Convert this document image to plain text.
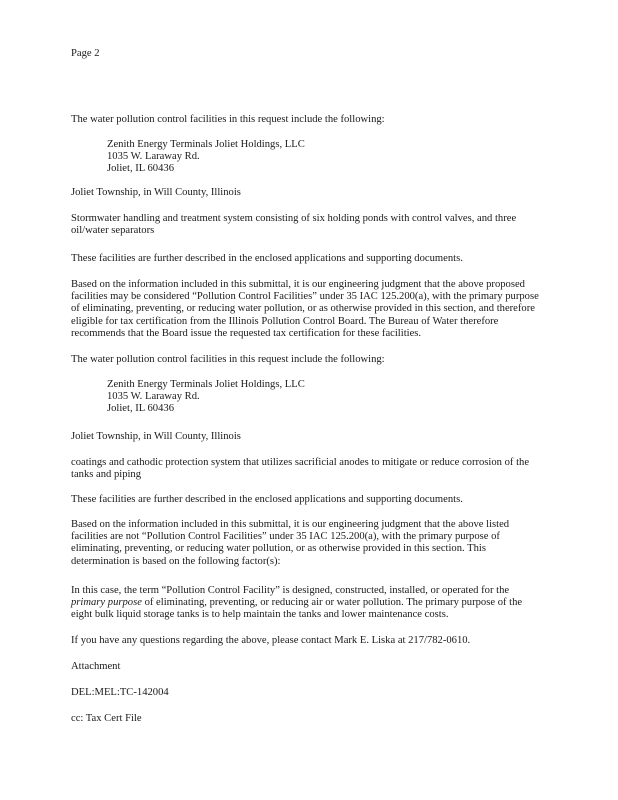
Page 2

The water pollution control facilities in this request include the following:

Zenith Energy Terminals Joliet Holdings, LLC

1035 W. Laraway Rd.

Joliet, IL 60436

Joliet Township, in Will County, Illinois

Stormwater handling and treatment system consisting of six holding ponds with control valves, and three oil/water separators

These facilities are further described in the enclosed applications and supporting documents.

Based on the information included in this submittal, it is our engineering judgment that the above proposed facilities may be considered “Pollution Control Facilities” under 35 IAC 125.200(a), with the primary purpose of eliminating, preventing, or reducing water pollution, or as otherwise provided in this section, and therefore eligible for tax certification from the Illinois Pollution Control Board. The Bureau of Water therefore recommends that the Board issue the requested tax certification for these facilities.

The water pollution control facilities in this request include the following:

Zenith Energy Terminals Joliet Holdings, LLC

1035 W. Laraway Rd.

Joliet, IL 60436

Joliet Township, in Will County, Illinois

coatings and cathodic protection system that utilizes sacrificial anodes to mitigate or reduce corrosion of the tanks and piping

These facilities are further described in the enclosed applications and supporting documents.

Based on the information included in this submittal, it is our engineering judgment that the above listed facilities are not “Pollution Control Facilities” under 35 IAC 125.200(a), with the primary purpose of eliminating, preventing, or reducing water pollution, or as otherwise provided in this section. This determination is based on the following factor(s):

In this case, the term “Pollution Control Facility” is designed, constructed, installed, or operated for the primary purpose of eliminating, preventing, or reducing air or water pollution. The primary purpose of the eight bulk liquid storage tanks is to help maintain the tanks and lower maintenance costs.

If you have any questions regarding the above, please contact Mark E. Liska at 217/782-0610.

Attachment

DEL:MEL:TC-142004

cc: Tax Cert File
